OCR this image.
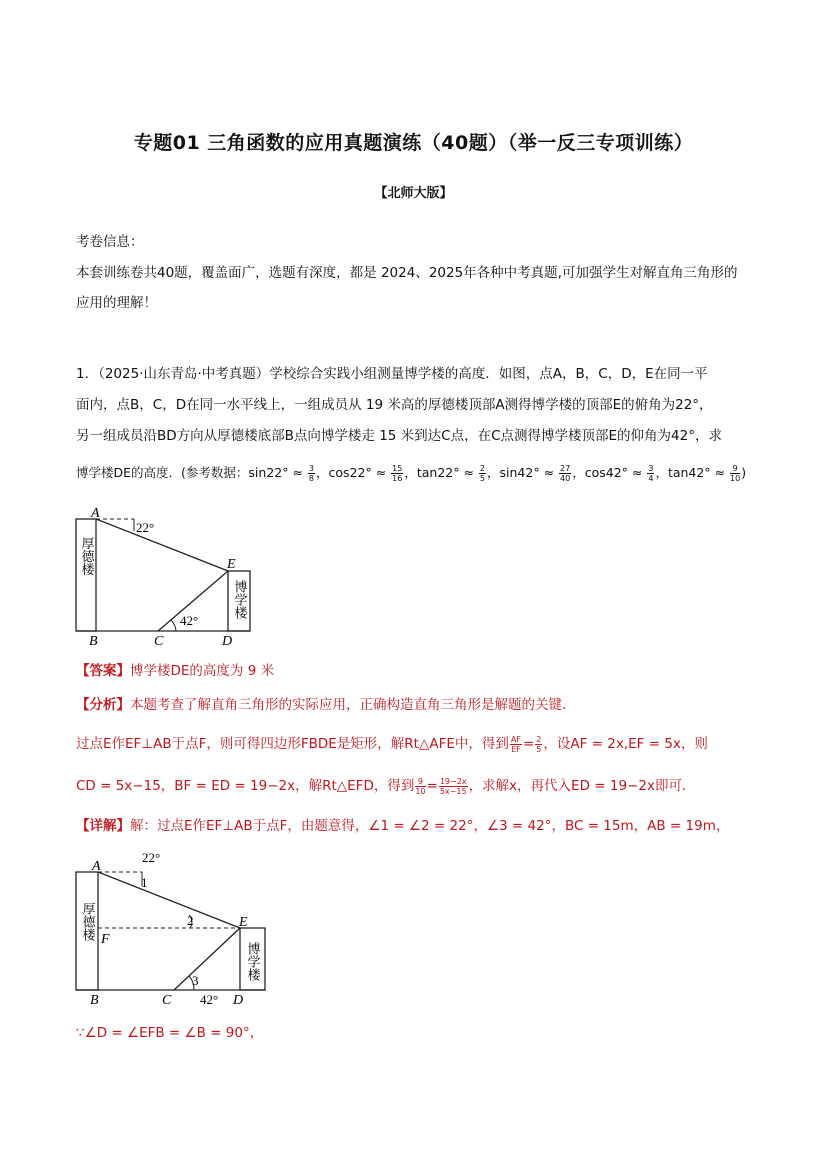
专题01 三角函数的应用真题演练（40题）（举一反三专项训练）
【北师大版】
考卷信息：
本套训练卷共40题，覆盖面广，选题有深度，都是 2024、2025年各种中考真题,可加强学生对解直角三角形的
应用的理解！
1．（2025·山东青岛·中考真题）学校综合实践小组测量博学楼的高度．如图，点A，B，C，D，E在同一平
面内，点B，C，D在同一水平线上，一组成员从 19 米高的厚德楼顶部A测得博学楼的顶部E的俯角为22°，
另一组成员沿BD方向从厚德楼底部B点向博学楼走 15 米到达C点，在C点测得博学楼顶部E的仰角为42°，求
博学楼DE的高度．(参考数据：$\sin 22^\circ \approx \frac{3}{8}$ ，$\cos 22^\circ \approx \frac{15}{16}$ ，$\tan 22^\circ \approx \frac{2}{5}$ ，$\sin 42^\circ \approx \frac{27}{40}$ ，$\cos 42^\circ \approx \frac{3}{4}$ ，$\tan 42^\circ \approx \frac{9}{10}$ )
A
B	C	D
E
22°
42°
厚德楼
博学楼
【答案】博学楼DE的高度为 9 米
【分析】本题考查了解直角三角形的实际应用，正确构造直角三角形是解题的关键．
过点E作EF⊥AB于点F，则可得四边形FBDE是矩形，解Rt△AFE中，得到 $\frac{AF}{EF} = \frac{2}{5}$ ，设AF = 2x,EF = 5x，则
CD = 5x−15，BF = ED = 19−2x，解Rt△EFD，得到 $\frac{9}{10} = \frac{19-2x}{5x-15}$ ，求解x，再代入ED = 19−2x即可．
【详解】解：过点E作EF⊥AB于点F，由题意得，∠1 = ∠2 = 22°，∠3 = 42°，BC = 15m，AB = 19m，
A
B	C	D
E
F
22°
42°
1
2
3
厚德楼
博学楼
∵∠D = ∠EFB = ∠B = 90°，
